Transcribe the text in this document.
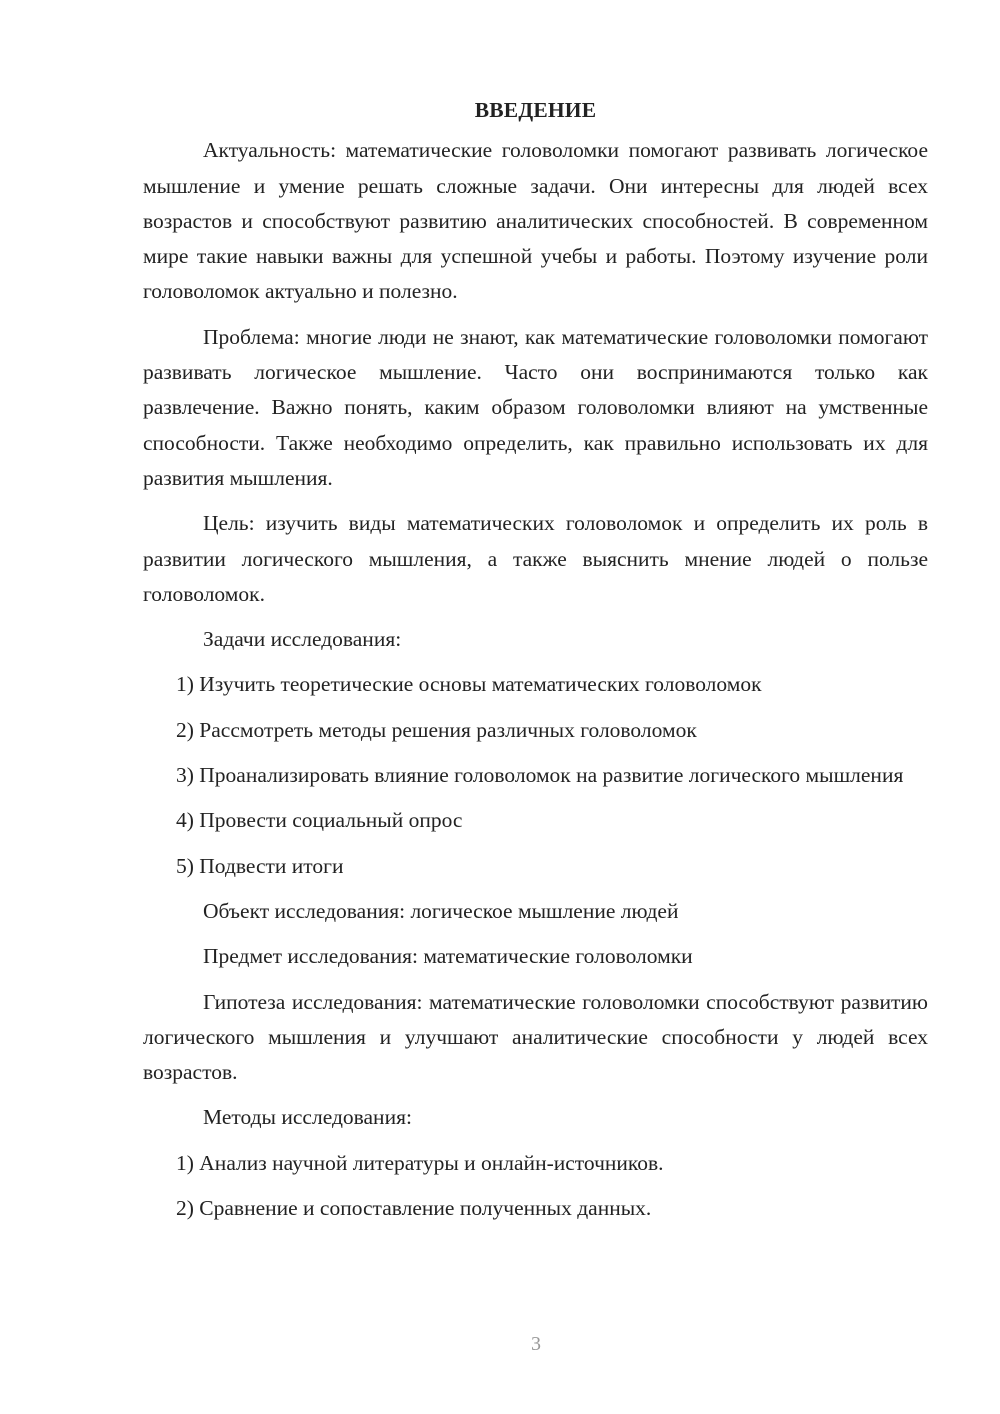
ВВЕДЕНИЕ

Актуальность: математические головоломки помогают развивать логическое мышление и умение решать сложные задачи. Они интересны для людей всех возрастов и способствуют развитию аналитических способностей. В современном мире такие навыки важны для успешной учебы и работы. Поэтому изучение роли головоломок актуально и полезно.

Проблема: многие люди не знают, как математические головоломки помогают развивать логическое мышление. Часто они воспринимаются только как развлечение. Важно понять, каким образом головоломки влияют на умственные способности. Также необходимо определить, как правильно использовать их для развития мышления.

Цель: изучить виды математических головоломок и определить их роль в развитии логического мышления, а также выяснить мнение людей о пользе головоломок.

Задачи исследования:

1) Изучить теоретические основы математических головоломок

2) Рассмотреть методы решения различных головоломок

3) Проанализировать влияние головоломок на развитие логического мышления

4) Провести социальный опрос

5) Подвести итоги

Объект исследования: логическое мышление людей

Предмет исследования: математические головоломки

Гипотеза исследования: математические головоломки способствуют развитию логического мышления и улучшают аналитические способности у людей всех возрастов.

Методы исследования:

1) Анализ научной литературы и онлайн-источников.

2) Сравнение и сопоставление полученных данных.

3
